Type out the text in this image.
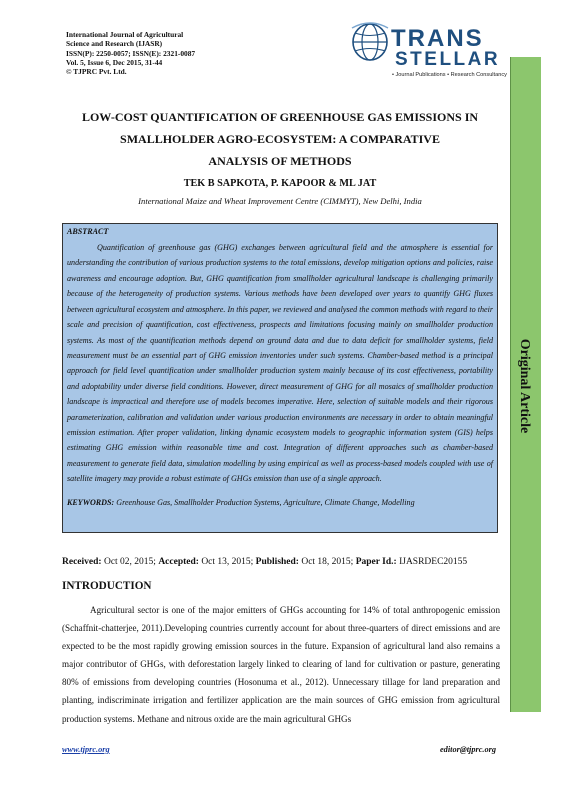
International Journal of Agricultural
Science and Research (IJASR)
ISSN(P): 2250-0057; ISSN(E): 2321-0087
Vol. 5, Issue 6, Dec 2015, 31-44
© TJPRC Pvt. Ltd.
TRANS
STELLAR
• Journal Publications • Research Consultancy
Original Article
LOW-COST QUANTIFICATION OF GREENHOUSE GAS EMISSIONS IN
SMALLHOLDER AGRO-ECOSYSTEM: A COMPARATIVE
ANALYSIS OF METHODS
TEK B SAPKOTA, P. KAPOOR & ML JAT
International Maize and Wheat Improvement Centre (CIMMYT), New Delhi, India
ABSTRACT

Quantification of greenhouse gas (GHG) exchanges between agricultural field and the atmosphere is essential for understanding the contribution of various production systems to the total emissions, develop mitigation options and policies, raise awareness and encourage adoption. But, GHG quantification from smallholder agricultural landscape is challenging primarily because of the heterogeneity of production systems. Various methods have been developed over years to quantify GHG fluxes between agricultural ecosystem and atmosphere. In this paper, we reviewed and analysed the common methods with regard to their scale and precision of quantification, cost effectiveness, prospects and limitations focusing mainly on smallholder production systems. As most of the quantification methods depend on ground data and due to data deficit for smallholder systems, field measurement must be an essential part of GHG emission inventories under such systems. Chamber-based method is a principal approach for field level quantification under smallholder production system mainly because of its cost effectiveness, portability and adoptability under diverse field conditions. However, direct measurement of GHG for all mosaics of smallholder production landscape is impractical and therefore use of models becomes imperative. Here, selection of suitable models and their rigorous parameterization, calibration and validation under various production environments are necessary in order to obtain meaningful emission estimation. After proper validation, linking dynamic ecosystem models to geographic information system (GIS) helps estimating GHG emission within reasonable time and cost. Integration of different approaches such as chamber-based measurement to generate field data, simulation modelling by using empirical as well as process-based models coupled with use of satellite imagery may provide a robust estimate of GHGs emission than use of a single approach.

KEYWORDS: Greenhouse Gas, Smallholder Production Systems, Agriculture, Climate Change, Modelling

Received: Oct 02, 2015; Accepted: Oct 13, 2015; Published: Oct 18, 2015; Paper Id.: IJASRDEC20155
INTRODUCTION

Agricultural sector is one of the major emitters of GHGs accounting for 14% of total anthropogenic emission (Schaffnit-chatterjee, 2011).Developing countries currently account for about three-quarters of direct emissions and are expected to be the most rapidly growing emission sources in the future. Expansion of agricultural land also remains a major contributor of GHGs, with deforestation largely linked to clearing of land for cultivation or pasture, generating 80% of emissions from developing countries (Hosonuma et al., 2012). Unnecessary tillage for land preparation and planting, indiscriminate irrigation and fertilizer application are the main sources of GHG emission from agricultural production systems. Methane and nitrous oxide are the main agricultural GHGs

www.tjprc.org	editor@tjprc.org
